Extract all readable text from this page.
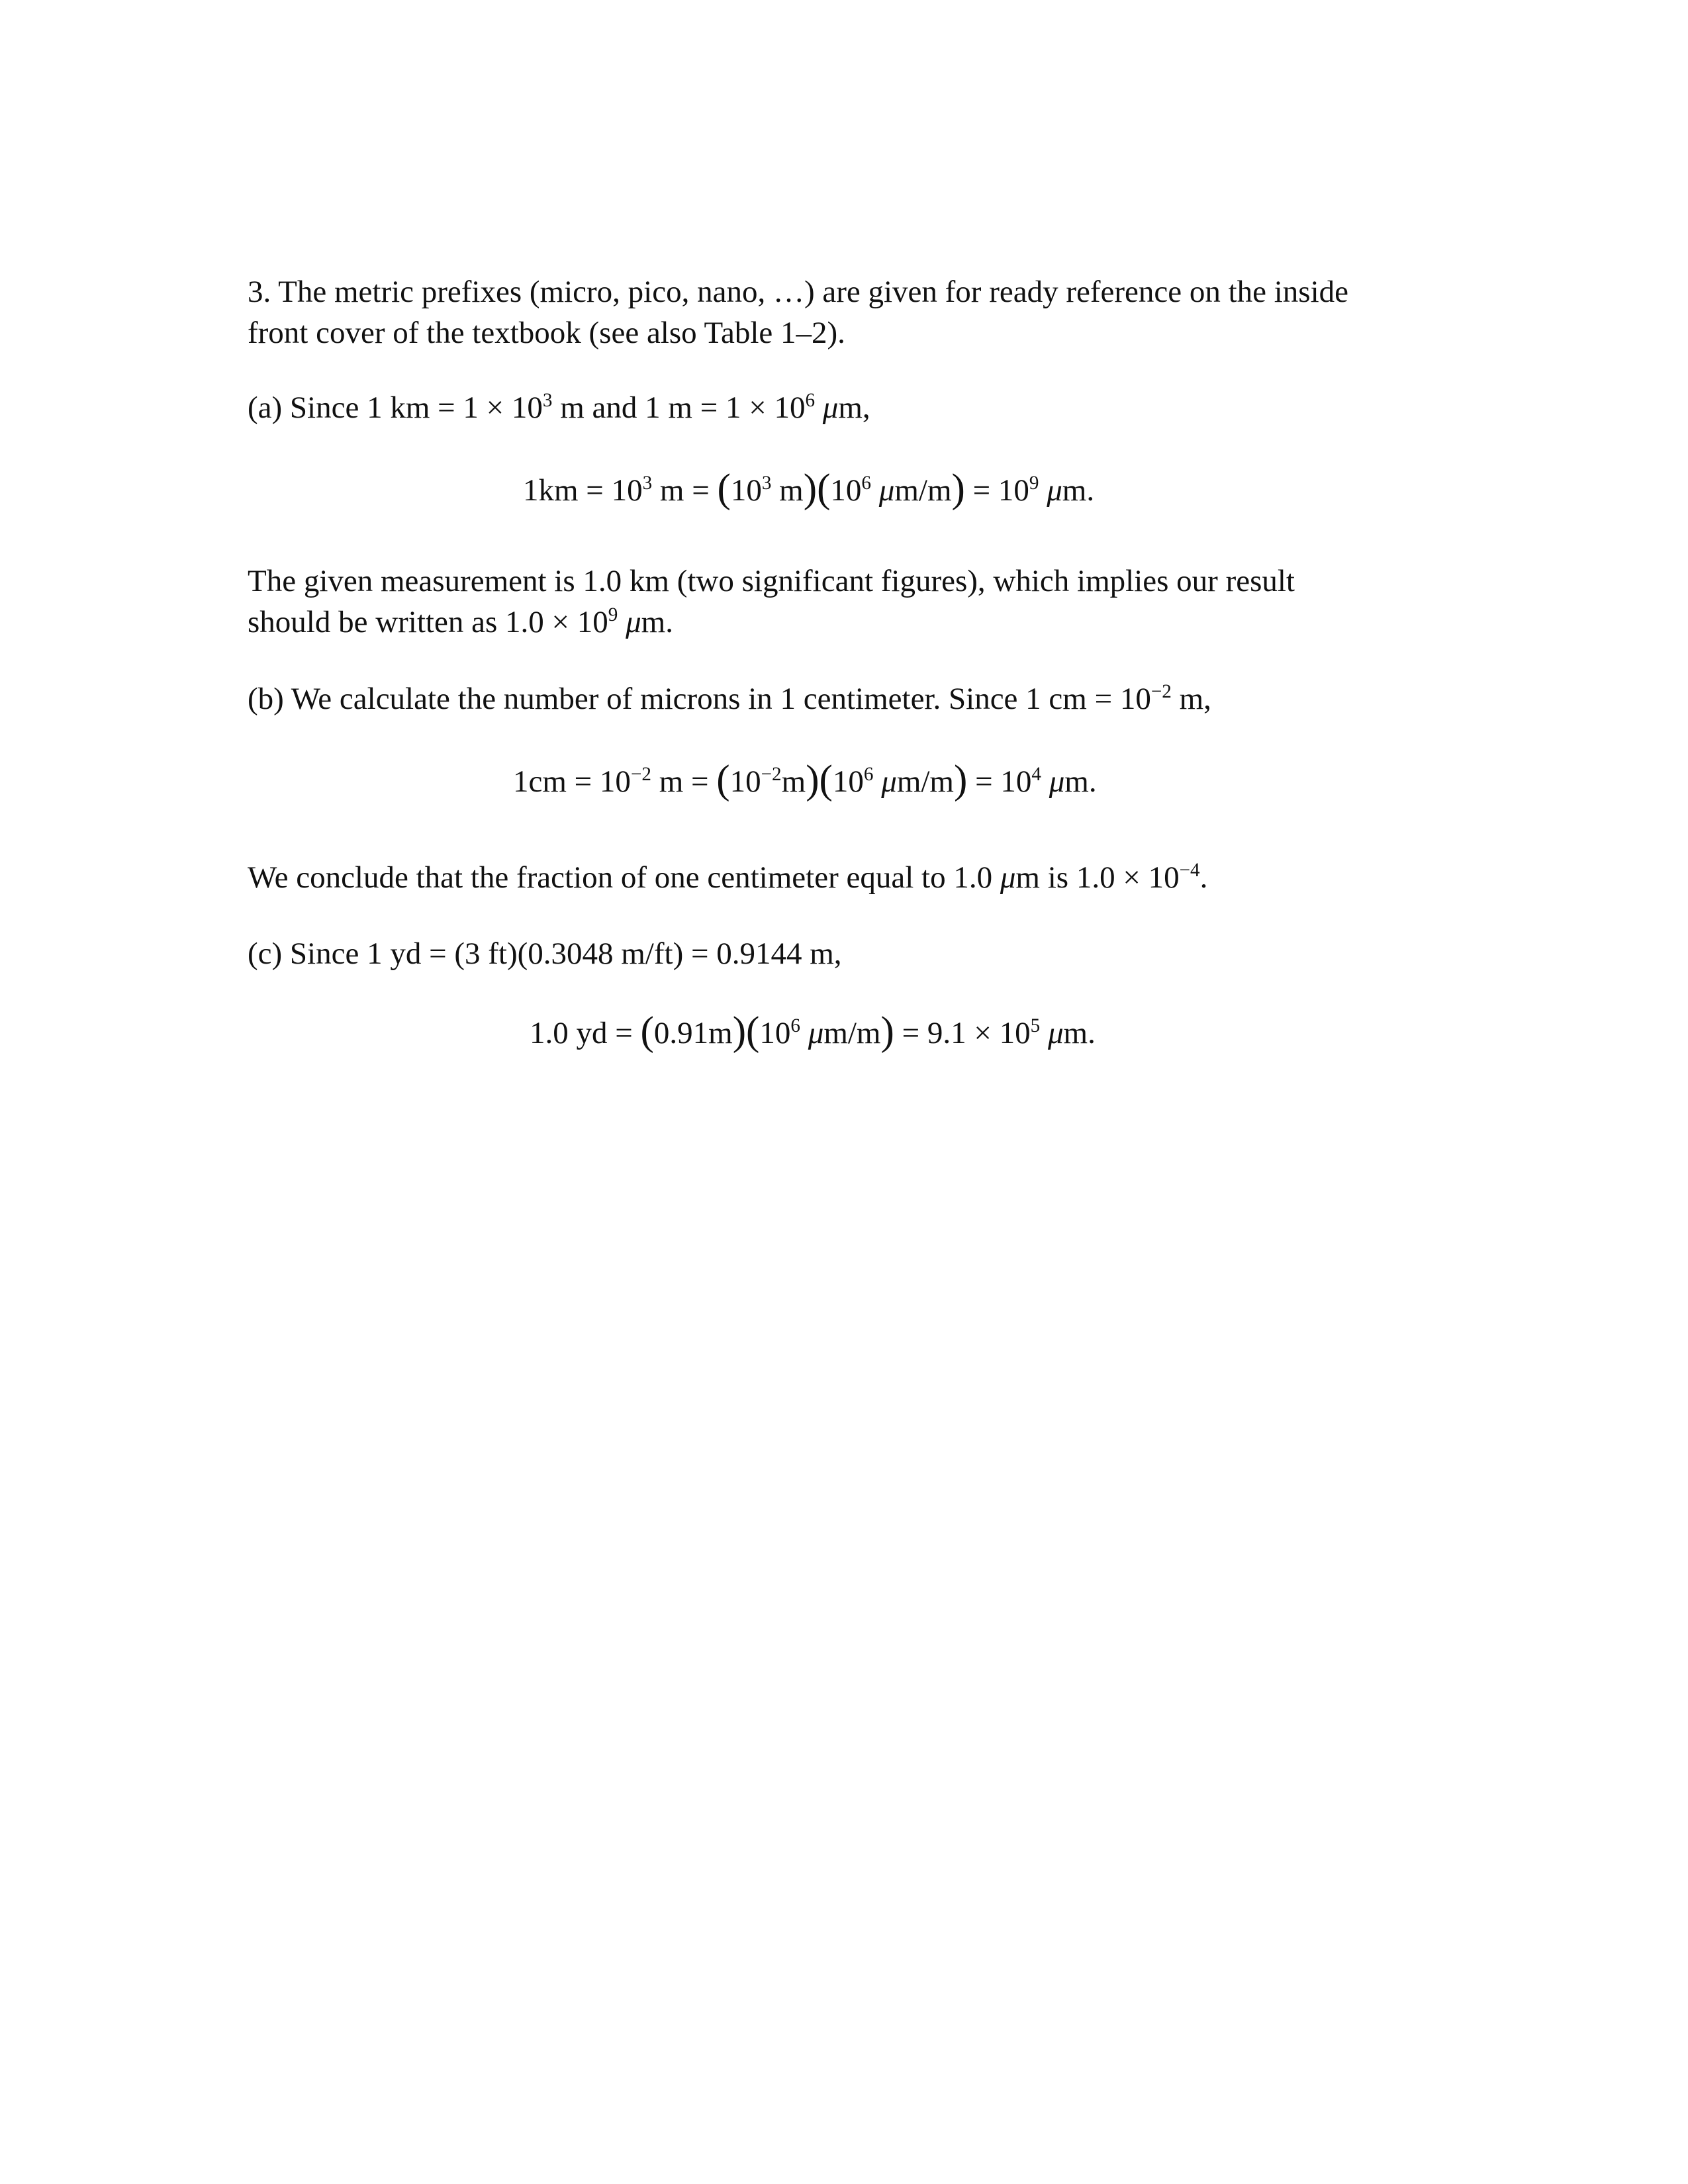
3. The metric prefixes (micro, pico, nano, …) are given for ready reference on the inside
front cover of the textbook (see also Table 1–2).

(a) Since 1 km = $1 \times 10^3$ m and 1 $m = 1 \times 10^6$ μm,

$1km = 10^3$ $m = (10^3$ $m)(10^6$ $\mu m/m) = 10^9$ μm.

The given measurement is 1.0 km (two significant figures), which implies our result
should be written as $1.0 \times 10^9$ μm.

(b) We calculate the number of microns in 1 centimeter. Since 1 cm = $10^{-2}$ m,

$1cm = 10^{-2}$ $m = (10^{-2}m)(10^6$ $\mu m/m) = 10^4$ μm.

We conclude that the fraction of one centimeter equal to 1.0 μm is $1.0 \times 10^{-4}$.

(c) Since 1 yd = (3 ft)(0.3048 m/ft) = 0.9144 m,

1.0 yd = $(0.91m)(10^6$ $\mu m/m) = 9.1 \times 10^5$ μm.
